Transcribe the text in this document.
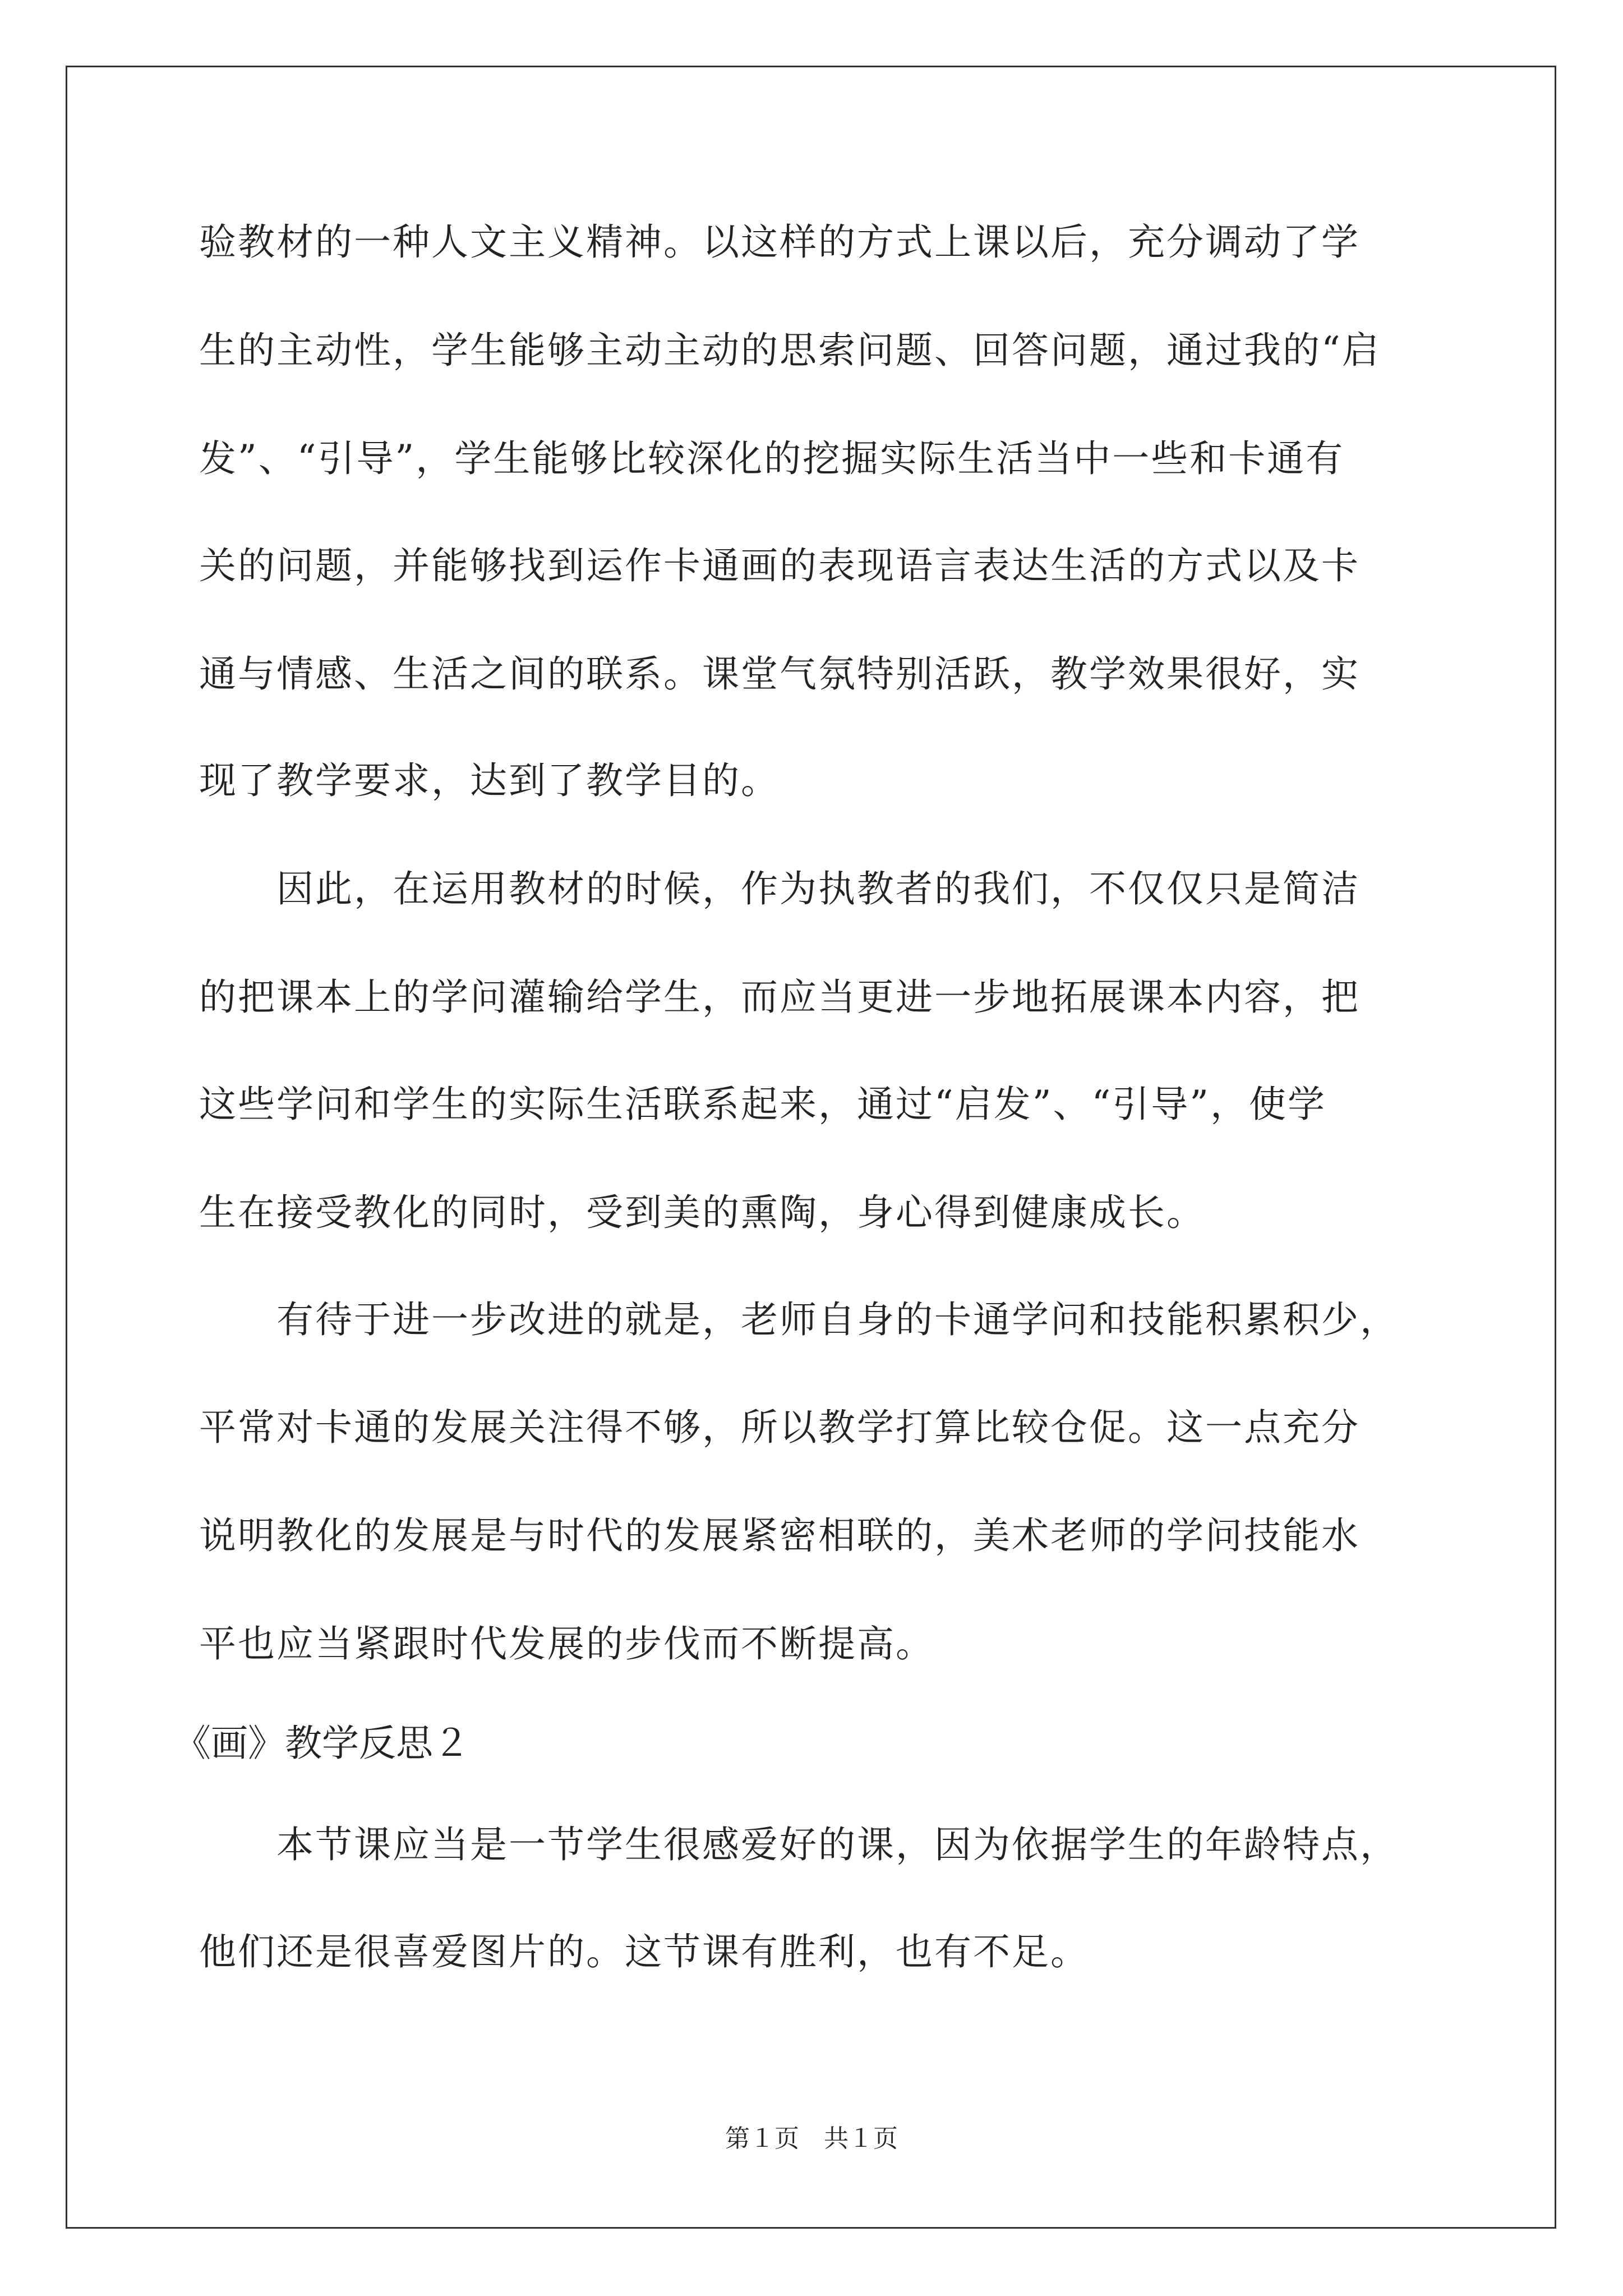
验教材的一种人文主义精神。以这样的方式上课以后，充分调动了学
生的主动性，学生能够主动主动的思索问题、回答问题，通过我的“启
发”、“引导”，学生能够比较深化的挖掘实际生活当中一些和卡通有
关的问题，并能够找到运作卡通画的表现语言表达生活的方式以及卡
通与情感、生活之间的联系。课堂气氛特别活跃，教学效果很好，实
现了教学要求，达到了教学目的。
　　因此，在运用教材的时候，作为执教者的我们，不仅仅只是简洁
的把课本上的学问灌输给学生，而应当更进一步地拓展课本内容，把
这些学问和学生的实际生活联系起来，通过“启发”、“引导”，使学
生在接受教化的同时，受到美的熏陶，身心得到健康成长。
　　有待于进一步改进的就是，老师自身的卡通学问和技能积累积少，
平常对卡通的发展关注得不够，所以教学打算比较仓促。这一点充分
说明教化的发展是与时代的发展紧密相联的，美术老师的学问技能水
平也应当紧跟时代发展的步伐而不断提高。
《画》教学反思２
　　本节课应当是一节学生很感爱好的课，因为依据学生的年龄特点，
他们还是很喜爱图片的。这节课有胜利，也有不足。
第１页　共１页
